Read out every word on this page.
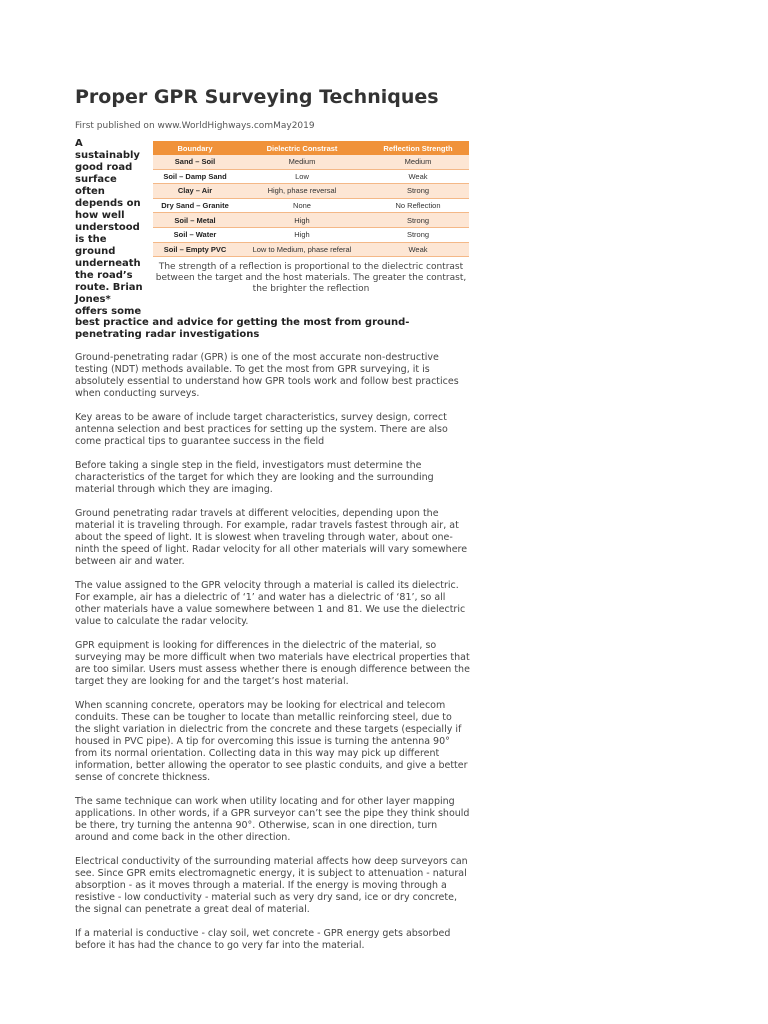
Proper GPR Surveying Techniques
First published on www.WorldHighways.comMay2019
A
sustainably
good road
surface
often
depends on
how well
understood
is the
ground
underneath
the road’s
route. Brian
Jones*
offers some
best practice and advice for getting the most from ground-penetrating radar investigations
Boundary	Dielectric Constrast	Reflection Strength
Sand – Soil	Medium	Medium
Soil – Damp Sand	Low	Weak
Clay – Air	High, phase reversal	Strong
Dry Sand – Granite	None	No Reflection
Soil – Metal	High	Strong
Soil – Water	High	Strong
Soil – Empty PVC	Low to Medium, phase referal	Weak
The strength of a reflection is proportional to the dielectric contrast between the target and the host materials. The greater the contrast, the brighter the reflection

Ground-penetrating radar (GPR) is one of the most accurate non-destructive testing (NDT) methods available. To get the most from GPR surveying, it is absolutely essential to understand how GPR tools work and follow best practices when conducting surveys.

Key areas to be aware of include target characteristics, survey design, correct antenna selection and best practices for setting up the system. There are also come practical tips to guarantee success in the field

Before taking a single step in the field, investigators must determine the characteristics of the target for which they are looking and the surrounding material through which they are imaging.

Ground penetrating radar travels at different velocities, depending upon the material it is traveling through. For example, radar travels fastest through air, at about the speed of light. It is slowest when traveling through water, about one-ninth the speed of light. Radar velocity for all other materials will vary somewhere between air and water.

The value assigned to the GPR velocity through a material is called its dielectric. For example, air has a dielectric of ‘1’ and water has a dielectric of ‘81’, so all other materials have a value somewhere between 1 and 81. We use the dielectric value to calculate the radar velocity.

GPR equipment is looking for differences in the dielectric of the material, so surveying may be more difficult when two materials have electrical properties that are too similar. Users must assess whether there is enough difference between the target they are looking for and the target’s host material.

When scanning concrete, operators may be looking for electrical and telecom conduits. These can be tougher to locate than metallic reinforcing steel, due to the slight variation in dielectric from the concrete and these targets (especially if housed in PVC pipe). A tip for overcoming this issue is turning the antenna 90° from its normal orientation. Collecting data in this way may pick up different information, better allowing the operator to see plastic conduits, and give a better sense of concrete thickness.

The same technique can work when utility locating and for other layer mapping applications. In other words, if a GPR surveyor can’t see the pipe they think should be there, try turning the antenna 90°. Otherwise, scan in one direction, turn around and come back in the other direction.

Electrical conductivity of the surrounding material affects how deep surveyors can see. Since GPR emits electromagnetic energy, it is subject to attenuation - natural absorption - as it moves through a material. If the energy is moving through a resistive - low conductivity - material such as very dry sand, ice or dry concrete, the signal can penetrate a great deal of material.

If a material is conductive - clay soil, wet concrete - GPR energy gets absorbed before it has had the chance to go very far into the material.
